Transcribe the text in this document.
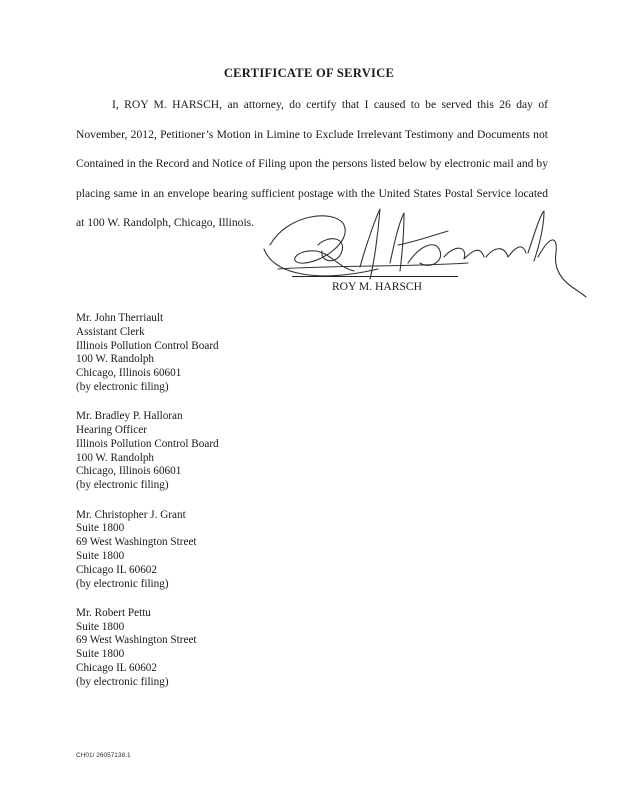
CERTIFICATE OF SERVICE

I, ROY M. HARSCH, an attorney, do certify that I caused to be served this 26 day of November, 2012, Petitioner’s Motion in Limine to Exclude Irrelevant Testimony and Documents not Contained in the Record and Notice of Filing upon the persons listed below by electronic mail and by placing same in an envelope bearing sufficient postage with the United States Postal Service located at 100 W. Randolph, Chicago, Illinois.

ROY M. HARSCH
Mr. John Therriault
Assistant Clerk
Illinois Pollution Control Board
100 W. Randolph
Chicago, Illinois 60601
(by electronic filing)
Mr. Bradley P. Halloran
Hearing Officer
Illinois Pollution Control Board
100 W. Randolph
Chicago, Illinois 60601
(by electronic filing)
Mr. Christopher J. Grant
Suite 1800
69 West Washington Street
Suite 1800
Chicago IL 60602
(by electronic filing)
Mr. Robert Pettu
Suite 1800
69 West Washington Street
Suite 1800
Chicago IL 60602
(by electronic filing)
CH01/ 26057138.1
